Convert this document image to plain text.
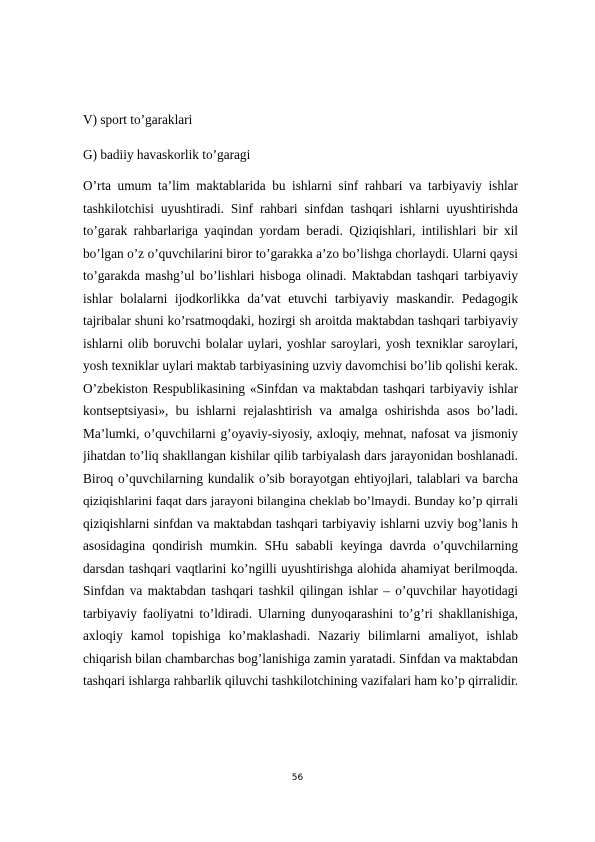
V) sport to’garaklari
G) badiiy havaskorlik to’garagi
O’rta umum ta’lim maktablarida bu ishlarni sinf rahbari va tarbiyaviy ishlar
tashkilotchisi uyushtiradi. Sinf rahbari sinfdan tashqari ishlarni uyushtirishda
to’garak rahbarlariga yaqindan yordam beradi. Qiziqishlari, intilishlari bir xil
bo’lgan o’z o’quvchilarini biror to’garakka a’zo bo’lishga chorlaydi. Ularni qaysi
to’garakda mashg’ul bo’lishlari hisboga olinadi. Maktabdan tashqari tarbiyaviy
ishlar bolalarni ijodkorlikka da’vat etuvchi tarbiyaviy maskandir. Pedagogik
tajribalar shuni ko’rsatmoqdaki, hozirgi sh aroitda maktabdan tashqari tarbiyaviy
ishlarni olib boruvchi bolalar uylari, yoshlar saroylari, yosh texniklar saroylari,
yosh texniklar uylari maktab tarbiyasining uzviy davomchisi bo’lib qolishi kerak.
O’zbekiston Respublikasining «Sinfdan va maktabdan tashqari tarbiyaviy ishlar
kontseptsiyasi», bu ishlarni rejalashtirish va amalga oshirishda asos bo’ladi.
Ma’lumki, o’quvchilarni g’oyaviy-siyosiy, axloqiy, mehnat, nafosat va jismoniy
jihatdan to’liq shakllangan kishilar qilib tarbiyalash dars jarayonidan boshlanadi.
Biroq o’quvchilarning kundalik o’sib borayotgan ehtiyojlari, talablari va barcha
qiziqishlarini faqat dars jarayoni bilangina cheklab bo’lmaydi. Bunday ko’p qirrali
qiziqishlarni sinfdan va maktabdan tashqari tarbiyaviy ishlarni uzviy bog’lanis h
asosidagina qondirish mumkin. SHu sababli keyinga davrda o’quvchilarning
darsdan tashqari vaqtlarini ko’ngilli uyushtirishga alohida ahamiyat berilmoqda.
Sinfdan va maktabdan tashqari tashkil qilingan ishlar – o’quvchilar hayotidagi
tarbiyaviy faoliyatni to’ldiradi. Ularning dunyoqarashini to’g’ri shakllanishiga,
axloqiy kamol topishiga ko’maklashadi. Nazariy bilimlarni amaliyot, ishlab
chiqarish bilan chambarchas bog’lanishiga zamin yaratadi. Sinfdan va maktabdan
tashqari ishlarga rahbarlik qiluvchi tashkilotchining vazifalari ham ko’p qirralidir.
56
